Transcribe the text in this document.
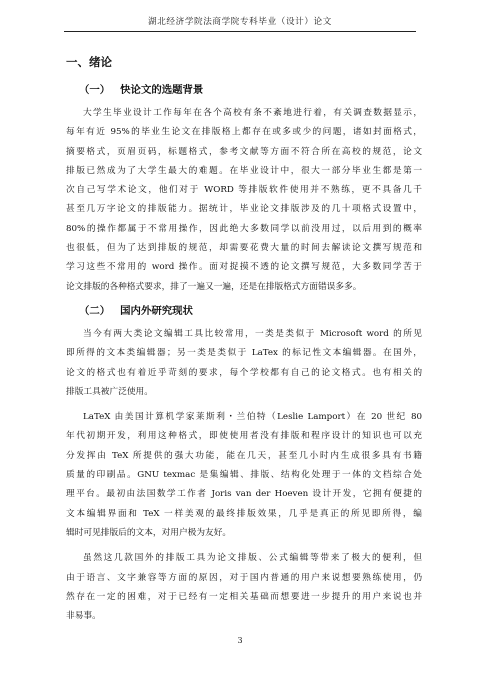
湖北经济学院法商学院专科毕业（设计）论文
一、绪论
（一） 快论文的选题背景
大学生毕业设计工作每年在各个高校有条不紊地进行着，有关调查数据显示，
每年有近 95%的毕业生论文在排版格上都存在或多或少的问题，诸如封面格式，
摘要格式，页眉页码，标题格式，参考文献等方面不符合所在高校的规范，论文
排版已然成为了大学生最大的难题。在毕业设计中，很大一部分毕业生都是第一
次自己写学术论文，他们对于 WORD 等排版软件使用并不熟练，更不具备几千
甚至几万字论文的排版能力。据统计，毕业论文排版涉及的几十项格式设置中，
80%的操作都属于不常用操作，因此绝大多数同学以前没用过，以后用到的概率
也很低，但为了达到排版的规范，却需要花费大量的时间去解读论文撰写规范和
学习这些不常用的 word 操作。面对捉摸不透的论文撰写规范，大多数同学苦于
论文排版的各种格式要求，排了一遍又一遍，还是在排版格式方面错误多多。
（二） 国内外研究现状
当今有两大类论文编辑工具比较常用，一类是类似于 Microsoft word 的所见
即所得的文本类编辑器；另一类是类似于 LaTex 的标记性文本编辑器。在国外，
论文的格式也有着近乎苛刻的要求，每个学校都有自己的论文格式。也有相关的
排版工具被广泛使用。
LaTeX 由美国计算机学家莱斯利・兰伯特（Leslie Lamport）在 20 世纪 80
年代初期开发，利用这种格式，即使使用者没有排版和程序设计的知识也可以充
分发挥由 TeX 所提供的强大功能，能在几天，甚至几小时内生成很多具有书籍
质量的印刷品。GNU texmac 是集编辑、排版、结构化处理于一体的文档综合处
理平台。最初由法国数学工作者 Joris van der Hoeven 设计开发，它拥有便捷的
文本编辑界面和 TeX 一样美观的最终排版效果，几乎是真正的所见即所得，编
辑时可见排版后的文本，对用户极为友好。
虽然这几款国外的排版工具为论文排版、公式编辑等带来了极大的便利，但
由于语言、文字兼容等方面的原因，对于国内普通的用户来说想要熟练使用，仍
然存在一定的困难，对于已经有一定相关基础而想要进一步提升的用户来说也并
非易事。
3
